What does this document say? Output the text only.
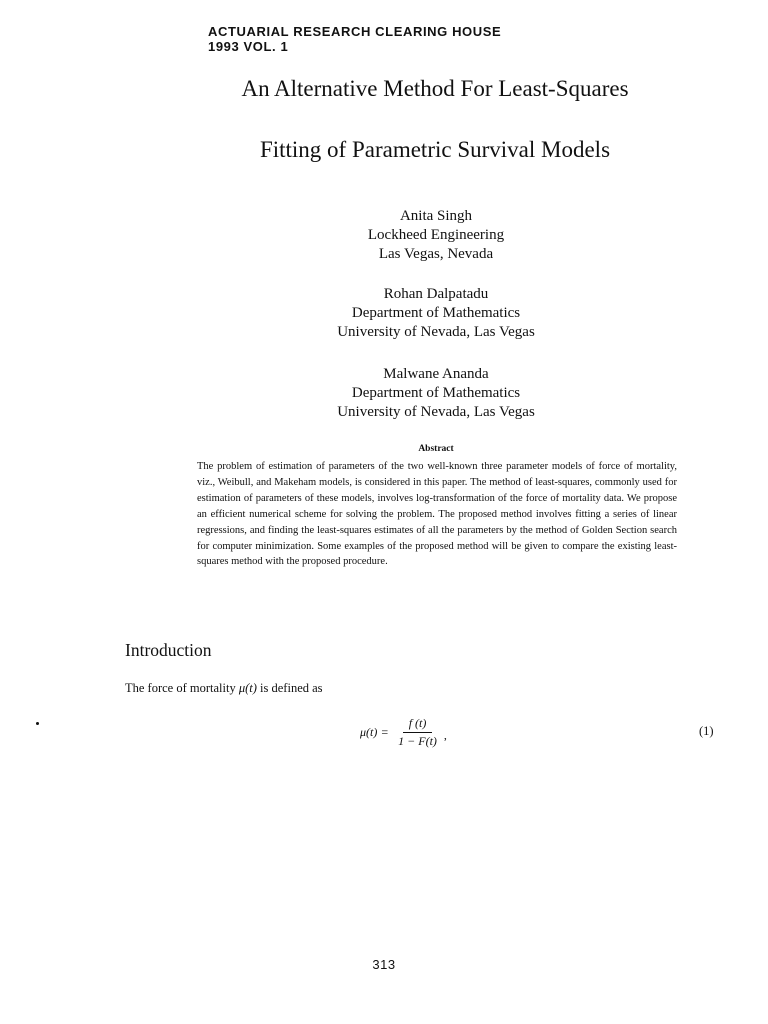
ACTUARIAL RESEARCH CLEARING HOUSE
1993 VOL. 1
An Alternative Method For Least-Squares
Fitting of Parametric Survival Models
Anita Singh
Lockheed Engineering
Las Vegas, Nevada
Rohan Dalpatadu
Department of Mathematics
University of Nevada, Las Vegas
Malwane Ananda
Department of Mathematics
University of Nevada, Las Vegas
Abstract
The problem of estimation of parameters of the two well-known three parameter models of force of mortality, viz., Weibull, and Makeham models, is considered in this paper. The method of least-squares, commonly used for estimation of parameters of these models, involves log-transformation of the force of mortality data. We propose an efficient numerical scheme for solving the problem. The proposed method involves fitting a series of linear regressions, and finding the least-squares estimates of all the parameters by the method of Golden Section search for computer minimization. Some examples of the proposed method will be given to compare the existing least-squares method with the proposed procedure.
Introduction
The force of mortality μ(t) is defined as
$\mu(t) = \frac{f (t)}{1 - F(t)}$ ,	(1)
313
